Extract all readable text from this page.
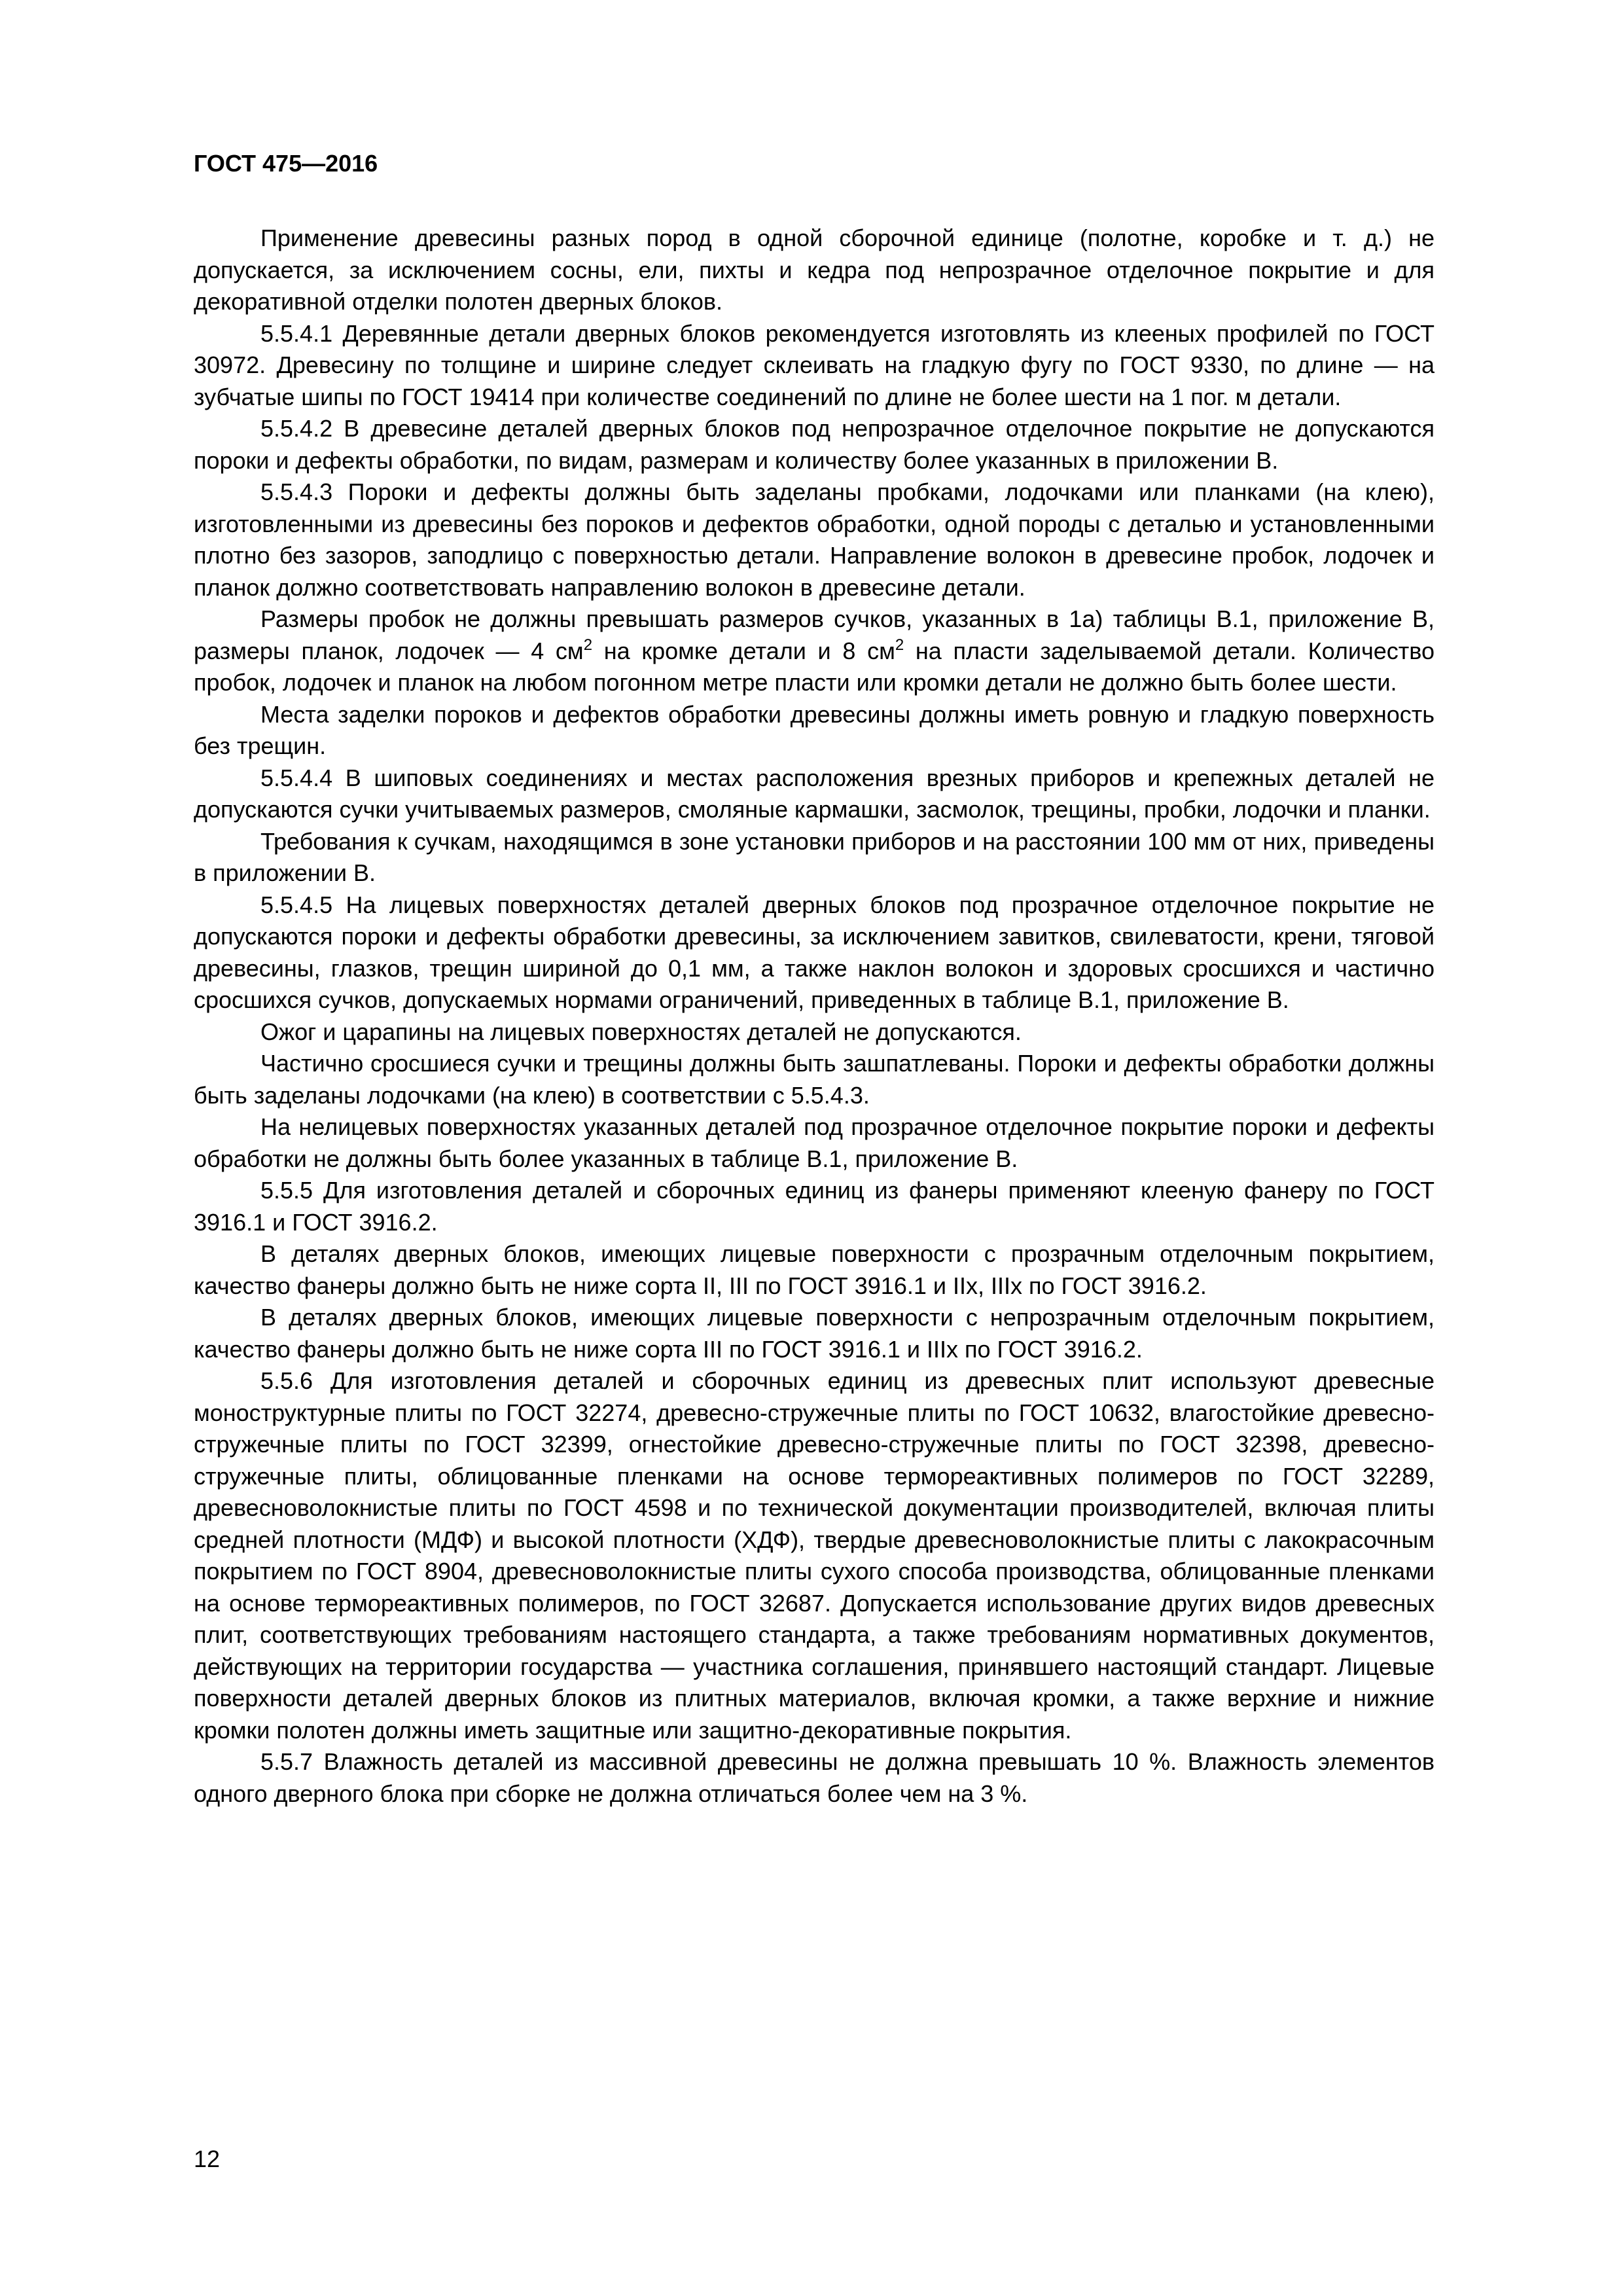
ГОСТ 475—2016

Применение древесины разных пород в одной сборочной единице (полотне, коробке и т. д.) не допускается, за исключением сосны, ели, пихты и кедра под непрозрачное отделочное покрытие и для декоративной отделки полотен дверных блоков.

5.5.4.1 Деревянные детали дверных блоков рекомендуется изготовлять из клееных профилей по ГОСТ 30972. Древесину по толщине и ширине следует склеивать на гладкую фугу по ГОСТ 9330, по длине — на зубчатые шипы по ГОСТ 19414 при количестве соединений по длине не более шести на 1 пог. м детали.

5.5.4.2 В древесине деталей дверных блоков под непрозрачное отделочное покрытие не допускаются пороки и дефекты обработки, по видам, размерам и количеству более указанных в приложении В.

5.5.4.3 Пороки и дефекты должны быть заделаны пробками, лодочками или планками (на клею), изготовленными из древесины без пороков и дефектов обработки, одной породы с деталью и установленными плотно без зазоров, заподлицо с поверхностью детали. Направление волокон в древесине пробок, лодочек и планок должно соответствовать направлению волокон в древесине детали.

Размеры пробок не должны превышать размеров сучков, указанных в 1а) таблицы В.1, приложение В, размеры планок, лодочек — 4 $см^2$ на кромке детали и 8 $см^2$ на пласти заделываемой детали. Количество пробок, лодочек и планок на любом погонном метре пласти или кромки детали не должно быть более шести.

Места заделки пороков и дефектов обработки древесины должны иметь ровную и гладкую поверхность без трещин.

5.5.4.4 В шиповых соединениях и местах расположения врезных приборов и крепежных деталей не допускаются сучки учитываемых размеров, смоляные кармашки, засмолок, трещины, пробки, лодочки и планки.

Требования к сучкам, находящимся в зоне установки приборов и на расстоянии 100 мм от них, приведены в приложении В.

5.5.4.5 На лицевых поверхностях деталей дверных блоков под прозрачное отделочное покрытие не допускаются пороки и дефекты обработки древесины, за исключением завитков, свилеватости, крени, тяговой древесины, глазков, трещин шириной до 0,1 мм, а также наклон волокон и здоровых сросшихся и частично сросшихся сучков, допускаемых нормами ограничений, приведенных в таблице В.1, приложение В.

Ожог и царапины на лицевых поверхностях деталей не допускаются.

Частично сросшиеся сучки и трещины должны быть зашпатлеваны. Пороки и дефекты обработки должны быть заделаны лодочками (на клею) в соответствии с 5.5.4.3.

На нелицевых поверхностях указанных деталей под прозрачное отделочное покрытие пороки и дефекты обработки не должны быть более указанных в таблице В.1, приложение В.

5.5.5 Для изготовления деталей и сборочных единиц из фанеры применяют клееную фанеру по ГОСТ 3916.1 и ГОСТ 3916.2.

В деталях дверных блоков, имеющих лицевые поверхности с прозрачным отделочным покрытием, качество фанеры должно быть не ниже сорта II, III по ГОСТ 3916.1 и IIх, IIIх по ГОСТ 3916.2.

В деталях дверных блоков, имеющих лицевые поверхности с непрозрачным отделочным покрытием, качество фанеры должно быть не ниже сорта III по ГОСТ 3916.1 и IIIх по ГОСТ 3916.2.

5.5.6 Для изготовления деталей и сборочных единиц из древесных плит используют древесные моноструктурные плиты по ГОСТ 32274, древесно-стружечные плиты по ГОСТ 10632, влагостойкие древесно-стружечные плиты по ГОСТ 32399, огнестойкие древесно-стружечные плиты по ГОСТ 32398, древесно-стружечные плиты, облицованные пленками на основе термореактивных полимеров по ГОСТ 32289, древесноволокнистые плиты по ГОСТ 4598 и по технической документации производителей, включая плиты средней плотности (МДФ) и высокой плотности (ХДФ), твердые древесноволокнистые плиты с лакокрасочным покрытием по ГОСТ 8904, древесноволокнистые плиты сухого способа производства, облицованные пленками на основе термореактивных полимеров, по ГОСТ 32687. Допускается использование других видов древесных плит, соответствующих требованиям настоящего стандарта, а также требованиям нормативных документов, действующих на территории государства — участника соглашения, принявшего настоящий стандарт. Лицевые поверхности деталей дверных блоков из плитных материалов, включая кромки, а также верхние и нижние кромки полотен должны иметь защитные или защитно-декоративные покрытия.

5.5.7 Влажность деталей из массивной древесины не должна превышать 10 %. Влажность элементов одного дверного блока при сборке не должна отличаться более чем на 3 %.

12
